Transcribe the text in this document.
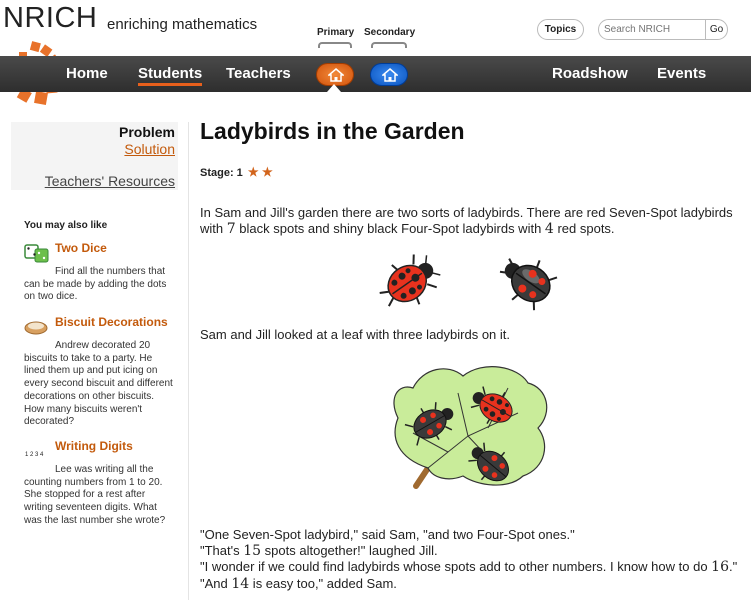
NRICH enriching mathematics	Primary Secondary	Topics
Search NRICH	Go
Home Students Teachers	Roadshow Events
Problem
Solution
Teachers' Resources
You may also like
Two Dice
Find all the numbers that can be made by adding the dots on two dice.
Biscuit Decorations
Andrew decorated 20 biscuits to take to a party. He lined them up and put icing on every second biscuit and different decorations on other biscuits. How many biscuits weren't decorated?
1 2 3 4
Writing Digits
Lee was writing all the counting numbers from 1 to 20. She stopped for a rest after writing seventeen digits. What was the last number she wrote?
Ladybirds in the Garden
Stage: 1 ★ ★
In Sam and Jill's garden there are two sorts of ladybirds. There are red Seven-Spot ladybirds with 7 black spots and shiny black Four-Spot ladybirds with 4 red spots.
Sam and Jill looked at a leaf with three ladybirds on it.
"One Seven-Spot ladybird," said Sam, "and two Four-Spot ones."
"That's 15 spots altogether!" laughed Jill.
"I wonder if we could find ladybirds whose spots add to other numbers. I know how to do 16."
"And 14 is easy too," added Sam.
